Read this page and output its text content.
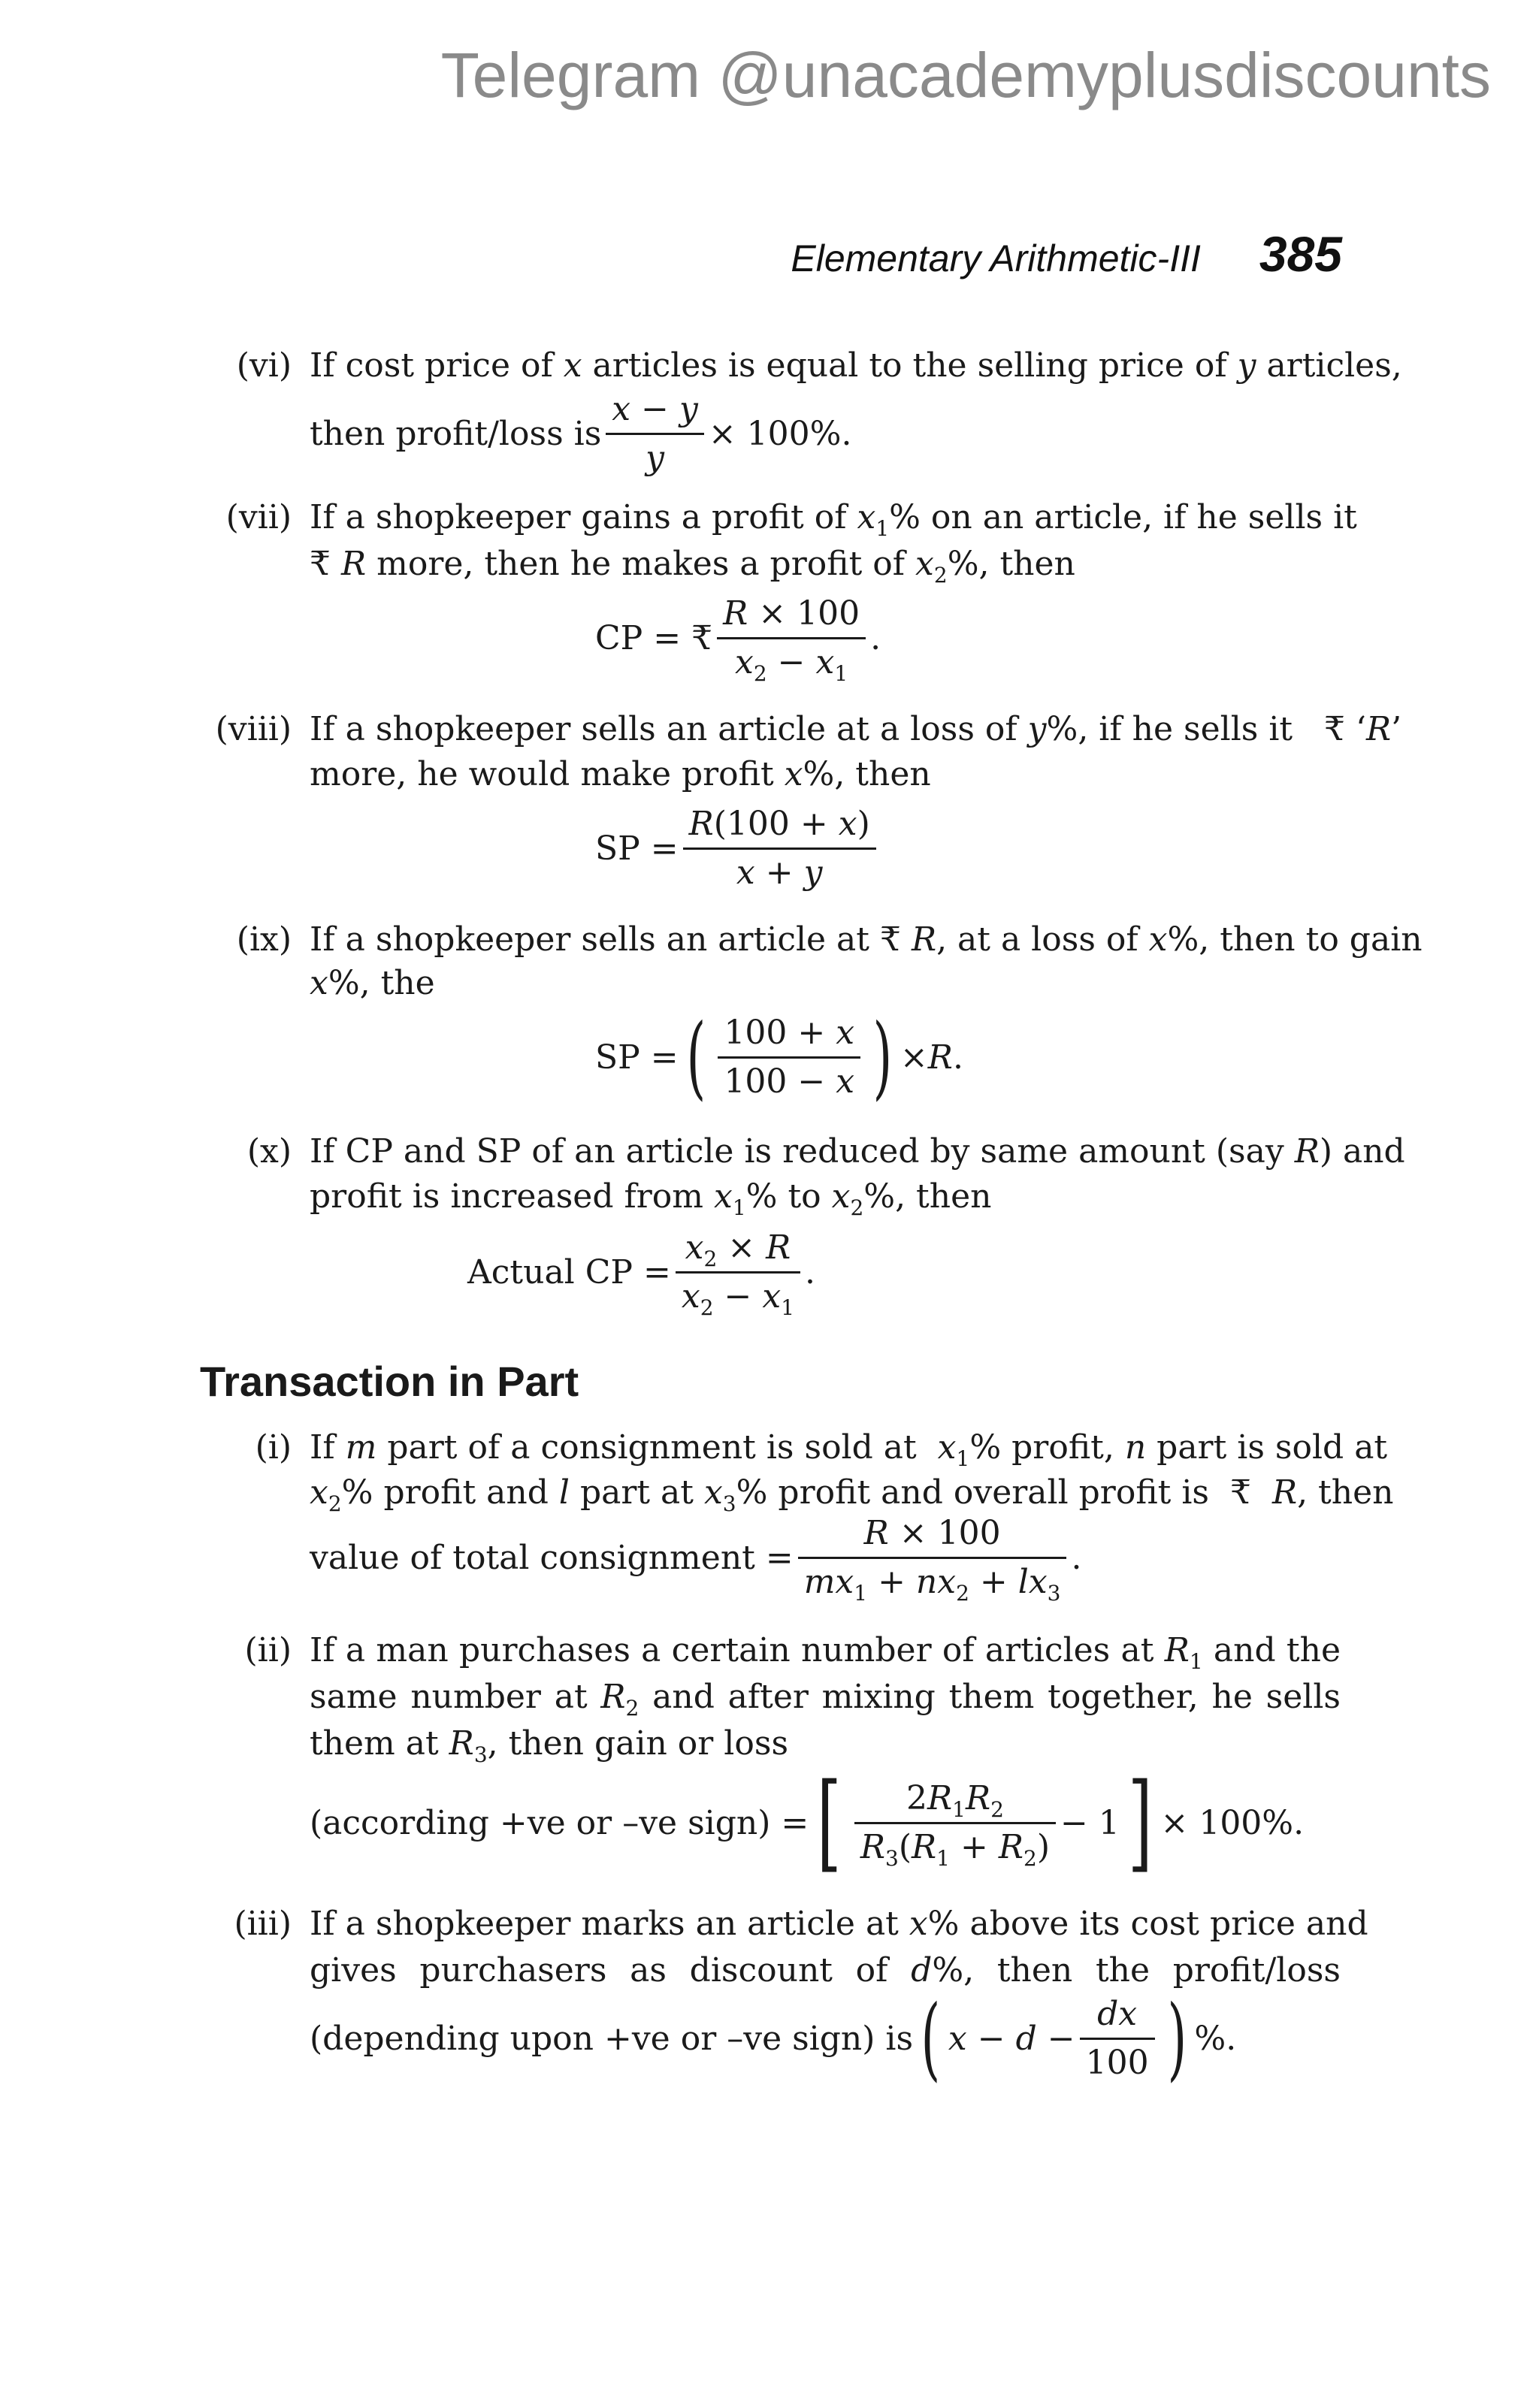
Telegram @unacademyplusdiscounts
Elementary Arithmetic-III 385
(vi) If cost price of x articles is equal to the selling price of y articles,
then profit/loss is $\frac{x - y}{y} \times 100\%$.
(vii) If a shopkeeper gains a profit of $x_1\%$ on an article, if he sells it
₹ R more, then he makes a profit of $x_2\%$, then
CP = ₹ $\frac{R \times 100}{x_2 - x_1}$ .
(viii) If a shopkeeper sells an article at a loss of y%, if he sells it   ₹ ‘R’
more, he would make profit x%, then
SP = $\frac{R(100 + x)}{x + y}$
(ix) If a shopkeeper sells an article at ₹ R, at a loss of x%, then to gain
x%, the
SP = ( $\frac{100 + x}{100 - x}$ ) × R .
(x) If CP and SP of an article is reduced by same amount (say R) and
profit is increased from $x_1\%$ to $x_2\%$, then
Actual CP = $\frac{x_2 \times R}{x_2 - x_1}$ .
Transaction in Part
(i) If m part of a consignment is sold at  $x_1\%$ profit, n part is sold at
$x_2\%$ profit and l part at $x_3\%$ profit and overall profit is  ₹  R, then
value of total consignment = $\frac{R \times 100}{mx_1 + nx_2 + lx_3}$ .
(ii) If a man purchases a certain number of articles at $R_1$ and the
same number at $R_2$ and after mixing them together, he sells
them at $R_3$, then gain or loss
(according +ve or –ve sign) = [ $\frac{2R_1R_2}{R_3(R_1 + R_2)} - 1$ ] × 100%.
(iii) If a shopkeeper marks an article at x% above its cost price and
gives purchasers as discount of d%, then the profit/loss
(depending upon +ve or –ve sign) is ( $x - d - \frac{dx}{100}$ ) %.
